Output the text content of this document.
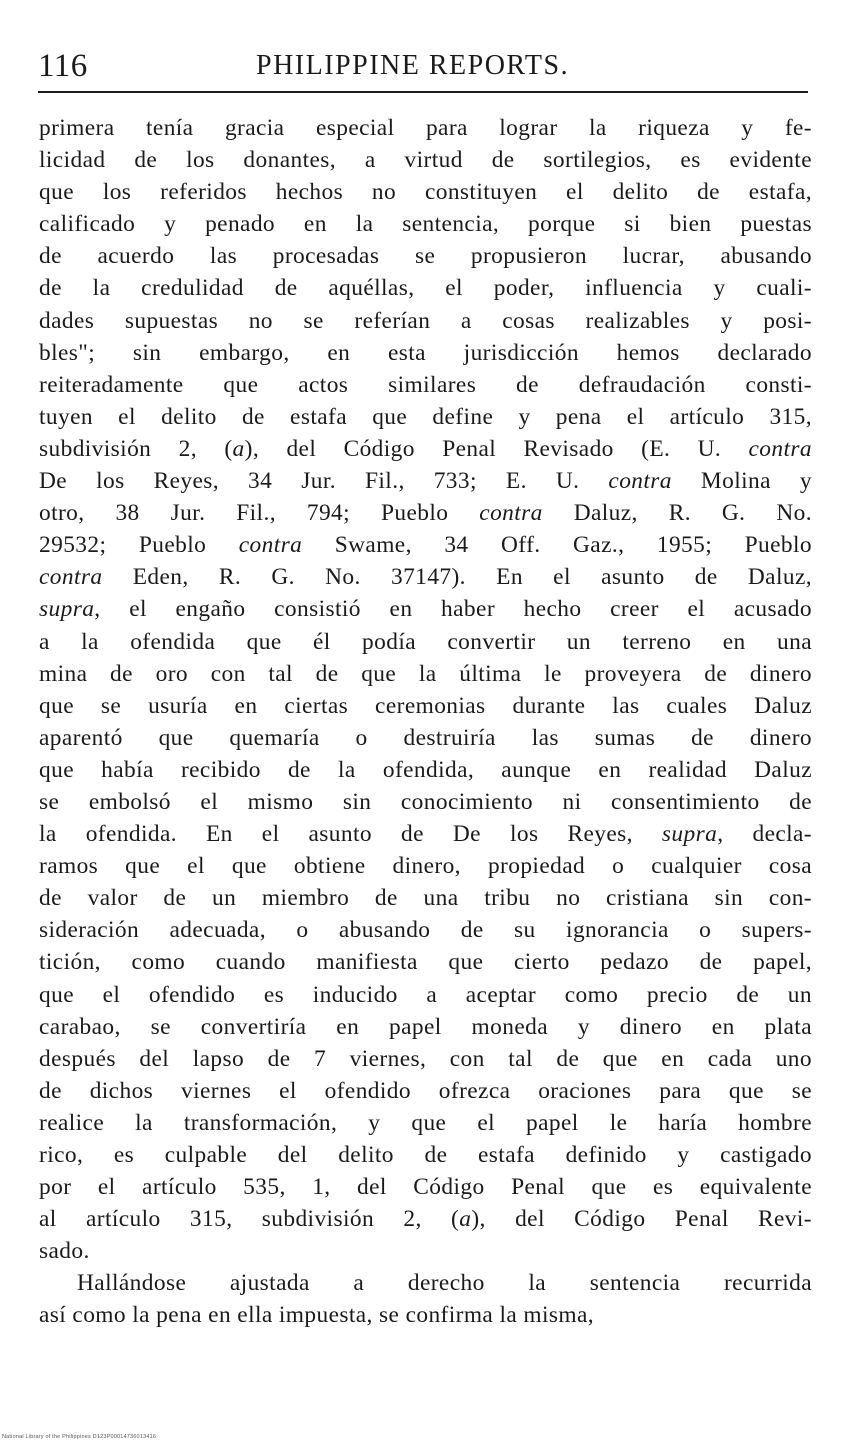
116	PHILIPPINE REPORTS.
primera tenía gracia especial para lograr la riqueza y fe-
licidad de los donantes, a virtud de sortilegios, es evidente
que los referidos hechos no constituyen el delito de estafa,
calificado y penado en la sentencia, porque si bien puestas
de acuerdo las procesadas se propusieron lucrar, abusando
de la credulidad de aquéllas, el poder, influencia y cuali-
dades supuestas no se referían a cosas realizables y posi-
bles"; sin embargo, en esta jurisdicción hemos declarado
reiteradamente que actos similares de defraudación consti-
tuyen el delito de estafa que define y pena el artículo 315,
subdivisión 2, (a), del Código Penal Revisado (E. U. contra
De los Reyes, 34 Jur. Fil., 733; E. U. contra Molina y
otro, 38 Jur. Fil., 794; Pueblo contra Daluz, R. G. No.
29532; Pueblo contra Swame, 34 Off. Gaz., 1955; Pueblo
contra Eden, R. G. No. 37147). En el asunto de Daluz,
supra, el engaño consistió en haber hecho creer el acusado
a la ofendida que él podía convertir un terreno en una
mina de oro con tal de que la última le proveyera de dinero
que se usuría en ciertas ceremonias durante las cuales Daluz
aparentó que quemaría o destruiría las sumas de dinero
que había recibido de la ofendida, aunque en realidad Daluz
se embolsó el mismo sin conocimiento ni consentimiento de
la ofendida. En el asunto de De los Reyes, supra, decla-
ramos que el que obtiene dinero, propiedad o cualquier cosa
de valor de un miembro de una tribu no cristiana sin con-
sideración adecuada, o abusando de su ignorancia o supers-
tición, como cuando manifiesta que cierto pedazo de papel,
que el ofendido es inducido a aceptar como precio de un
carabao, se convertiría en papel moneda y dinero en plata
después del lapso de 7 viernes, con tal de que en cada uno
de dichos viernes el ofendido ofrezca oraciones para que se
realice la transformación, y que el papel le haría hombre
rico, es culpable del delito de estafa definido y castigado
por el artículo 535, 1, del Código Penal que es equivalente
al artículo 315, subdivisión 2, (a), del Código Penal Revi-
sado.
Hallándose ajustada a derecho la sentencia recurrida
así como la pena en ella impuesta, se confirma la misma,
National Library of the Philippines D123P00014736013416
